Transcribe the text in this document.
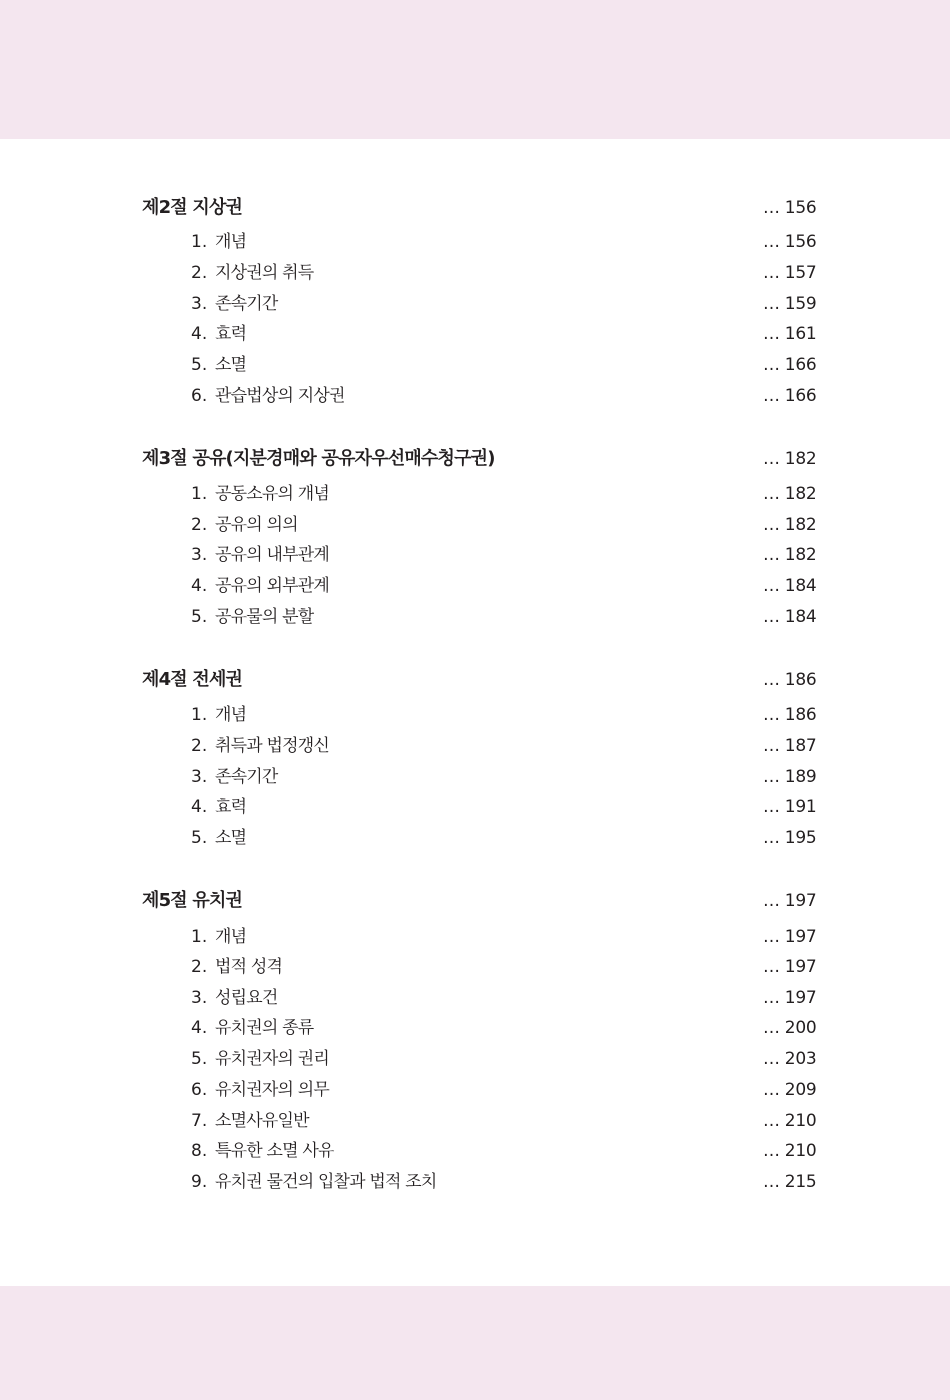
제2절 지상권	… 156
1. 개념	… 156
2. 지상권의 취득	… 157
3. 존속기간	… 159
4. 효력	… 161
5. 소멸	… 166
6. 관습법상의 지상권	… 166
제3절 공유(지분경매와 공유자우선매수청구권)	… 182
1. 공동소유의 개념	… 182
2. 공유의 의의	… 182
3. 공유의 내부관계	… 182
4. 공유의 외부관계	… 184
5. 공유물의 분할	… 184
제4절 전세권	… 186
1. 개념	… 186
2. 취득과 법정갱신	… 187
3. 존속기간	… 189
4. 효력	… 191
5. 소멸	… 195
제5절 유치권	… 197
1. 개념	… 197
2. 법적 성격	… 197
3. 성립요건	… 197
4. 유치권의 종류	… 200
5. 유치권자의 권리	… 203
6. 유치권자의 의무	… 209
7. 소멸사유일반	… 210
8. 특유한 소멸 사유	… 210
9. 유치권 물건의 입찰과 법적 조치	… 215
